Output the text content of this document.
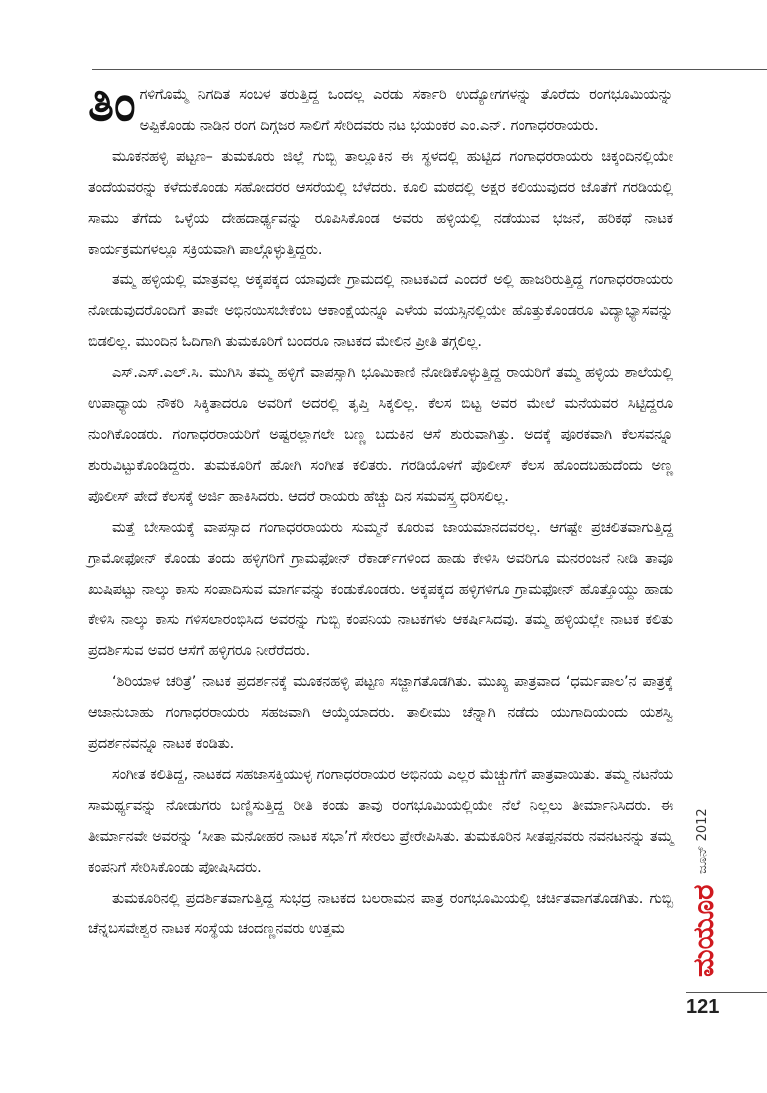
ತಿಂಗಳಿಗೊಮ್ಮೆ ನಿಗದಿತ ಸಂಬಳ ತರುತ್ತಿದ್ದ ಒಂದಲ್ಲ ಎರಡು ಸರ್ಕಾರಿ ಉದ್ಯೋಗಗಳನ್ನು ತೊರೆದು ರಂಗಭೂಮಿಯನ್ನು ಅಪ್ಪಿಕೊಂಡು ನಾಡಿನ ರಂಗ ದಿಗ್ಗಜರ ಸಾಲಿಗೆ ಸೇರಿದವರು ನಟ ಭಯಂಕರ ಎಂ.ಎನ್. ಗಂಗಾಧರರಾಯರು.

ಮೂಕನಹಳ್ಳಿ ಪಟ್ಟಣ– ತುಮಕೂರು ಜಿಲ್ಲೆ ಗುಬ್ಬಿ ತಾಲ್ಲೂಕಿನ ಈ ಸ್ಥಳದಲ್ಲಿ ಹುಟ್ಟಿದ ಗಂಗಾಧರರಾಯರು ಚಿಕ್ಕಂದಿನಲ್ಲಿಯೇ ತಂದೆಯವರನ್ನು ಕಳೆದುಕೊಂಡು ಸಹೋದರರ ಆಸರೆಯಲ್ಲಿ ಬೆಳೆದರು. ಕೂಲಿ ಮಠದಲ್ಲಿ ಅಕ್ಷರ ಕಲಿಯುವುದರ ಜೊತೆಗೆ ಗರಡಿಯಲ್ಲಿ ಸಾಮು ತೆಗೆದು ಒಳ್ಳೆಯ ದೇಹದಾರ್ಢ್ಯವನ್ನು ರೂಪಿಸಿಕೊಂಡ ಅವರು ಹಳ್ಳಿಯಲ್ಲಿ ನಡೆಯುವ ಭಜನೆ, ಹರಿಕಥೆ ನಾಟಕ ಕಾರ್ಯಕ್ರಮಗಳಲ್ಲೂ ಸಕ್ರಿಯವಾಗಿ ಪಾಲ್ಗೊಳ್ಳುತ್ತಿದ್ದರು.

ತಮ್ಮ ಹಳ್ಳಿಯಲ್ಲಿ ಮಾತ್ರವಲ್ಲ ಅಕ್ಕಪಕ್ಕದ ಯಾವುದೇ ಗ್ರಾಮದಲ್ಲಿ ನಾಟಕವಿದೆ ಎಂದರೆ ಅಲ್ಲಿ ಹಾಜರಿರುತ್ತಿದ್ದ ಗಂಗಾಧರರಾಯರು ನೋಡುವುದರೊಂದಿಗೆ ತಾವೇ ಅಭಿನಯಿಸಬೇಕೆಂಬ ಆಕಾಂಕ್ಷೆಯನ್ನೂ ಎಳೆಯ ವಯಸ್ಸಿನಲ್ಲಿಯೇ ಹೊತ್ತುಕೊಂಡರೂ ವಿದ್ಯಾಭ್ಯಾಸವನ್ನು ಬಿಡಲಿಲ್ಲ. ಮುಂದಿನ ಓದಿಗಾಗಿ ತುಮಕೂರಿಗೆ ಬಂದರೂ ನಾಟಕದ ಮೇಲಿನ ಪ್ರೀತಿ ತಗ್ಗಲಿಲ್ಲ.

ಎಸ್.ಎಸ್.ಎಲ್.ಸಿ. ಮುಗಿಸಿ ತಮ್ಮ ಹಳ್ಳಿಗೆ ವಾಪಸ್ಸಾಗಿ ಭೂಮಿಕಾಣಿ ನೋಡಿಕೊಳ್ಳುತ್ತಿದ್ದ ರಾಯರಿಗೆ ತಮ್ಮ ಹಳ್ಳಿಯ ಶಾಲೆಯಲ್ಲಿ ಉಪಾಧ್ಯಾಯ ನೌಕರಿ ಸಿಕ್ಕಿತಾದರೂ ಅವರಿಗೆ ಅದರಲ್ಲಿ ತೃಪ್ತಿ ಸಿಕ್ಕಲಿಲ್ಲ. ಕೆಲಸ ಬಿಟ್ಟ ಅವರ ಮೇಲೆ ಮನೆಯವರ ಸಿಟ್ಟಿದ್ದರೂ ನುಂಗಿಕೊಂಡರು. ಗಂಗಾಧರರಾಯರಿಗೆ ಅಷ್ಟರಲ್ಲಾಗಲೇ ಬಣ್ಣ ಬದುಕಿನ ಆಸೆ ಶುರುವಾಗಿತ್ತು. ಅದಕ್ಕೆ ಪೂರಕವಾಗಿ ಕೆಲಸವನ್ನೂ ಶುರುವಿಟ್ಟುಕೊಂಡಿದ್ದರು. ತುಮಕೂರಿಗೆ ಹೋಗಿ ಸಂಗೀತ ಕಲಿತರು. ಗರಡಿಯೊಳಗೆ ಪೊಲೀಸ್ ಕೆಲಸ ಹೊಂದಬಹುದೆಂದು ಅಣ್ಣ ಪೊಲೀಸ್ ಪೇದೆ ಕೆಲಸಕ್ಕೆ ಅರ್ಜಿ ಹಾಕಿಸಿದರು. ಆದರೆ ರಾಯರು ಹೆಚ್ಚು ದಿನ ಸಮವಸ್ತ್ರ ಧರಿಸಲಿಲ್ಲ.

ಮತ್ತೆ ಬೇಸಾಯಕ್ಕೆ ವಾಪಸ್ಸಾದ ಗಂಗಾಧರರಾಯರು ಸುಮ್ಮನೆ ಕೂರುವ ಜಾಯಮಾನದವರಲ್ಲ. ಆಗಷ್ಟೇ ಪ್ರಚಲಿತವಾಗುತ್ತಿದ್ದ ಗ್ರಾಮೋಫೋನ್ ಕೊಂಡು ತಂದು ಹಳ್ಳಿಗರಿಗೆ ಗ್ರಾಮಫೋನ್ ರೆಕಾರ್ಡ್‌ಗಳಿಂದ ಹಾಡು ಕೇಳಿಸಿ ಅವರಿಗೂ ಮನರಂಜನೆ ನೀಡಿ ತಾವೂ ಖುಷಿಪಟ್ಟು ನಾಲ್ಕು ಕಾಸು ಸಂಪಾದಿಸುವ ಮಾರ್ಗವನ್ನು ಕಂಡುಕೊಂಡರು. ಅಕ್ಕಪಕ್ಕದ ಹಳ್ಳಿಗಳಿಗೂ ಗ್ರಾಮಫೋನ್ ಹೊತ್ತೊಯ್ದು ಹಾಡು ಕೇಳಿಸಿ ನಾಲ್ಕು ಕಾಸು ಗಳಿಸಲಾರಂಭಿಸಿದ ಅವರನ್ನು ಗುಬ್ಬಿ ಕಂಪನಿಯ ನಾಟಕಗಳು ಆಕರ್ಷಿಸಿದವು. ತಮ್ಮ ಹಳ್ಳಿಯಲ್ಲೇ ನಾಟಕ ಕಲಿತು ಪ್ರದರ್ಶಿಸುವ ಅವರ ಆಸೆಗೆ ಹಳ್ಳಿಗರೂ ನೀರೆರೆದರು.

‘ಶಿರಿಯಾಳ ಚರಿತ್ರೆ’ ನಾಟಕ ಪ್ರದರ್ಶನಕ್ಕೆ ಮೂಕನಹಳ್ಳಿ ಪಟ್ಟಣ ಸಜ್ಜಾಗತೊಡಗಿತು. ಮುಖ್ಯ ಪಾತ್ರವಾದ ‘ಧರ್ಮಪಾಲ’ನ ಪಾತ್ರಕ್ಕೆ ಆಜಾನುಬಾಹು ಗಂಗಾಧರರಾಯರು ಸಹಜವಾಗಿ ಆಯ್ಕೆಯಾದರು. ತಾಲೀಮು ಚೆನ್ನಾಗಿ ನಡೆದು ಯುಗಾದಿಯಂದು ಯಶಸ್ವಿ ಪ್ರದರ್ಶನವನ್ನೂ ನಾಟಕ ಕಂಡಿತು.

ಸಂಗೀತ ಕಲಿತಿದ್ದ, ನಾಟಕದ ಸಹಜಾಸಕ್ತಿಯುಳ್ಳ ಗಂಗಾಧರರಾಯರ ಅಭಿನಯ ಎಲ್ಲರ ಮೆಚ್ಚುಗೆಗೆ ಪಾತ್ರವಾಯಿತು. ತಮ್ಮ ನಟನೆಯ ಸಾಮರ್ಥ್ಯವನ್ನು ನೋಡುಗರು ಬಣ್ಣಿಸುತ್ತಿದ್ದ ರೀತಿ ಕಂಡು ತಾವು ರಂಗಭೂಮಿಯಲ್ಲಿಯೇ ನೆಲೆ ನಿಲ್ಲಲು ತೀರ್ಮಾನಿಸಿದರು. ಈ ತೀರ್ಮಾನವೇ ಅವರನ್ನು ‘ಸೀತಾ ಮನೋಹರ ನಾಟಕ ಸಭಾ’ಗೆ ಸೇರಲು ಪ್ರೇರೇಪಿಸಿತು. ತುಮಕೂರಿನ ಸೀತಪ್ಪನವರು ನವನಟನನ್ನು ತಮ್ಮ ಕಂಪನಿಗೆ ಸೇರಿಸಿಕೊಂಡು ಪೋಷಿಸಿದರು.

ತುಮಕೂರಿನಲ್ಲಿ ಪ್ರದರ್ಶಿತವಾಗುತ್ತಿದ್ದ ಸುಭದ್ರ ನಾಟಕದ ಬಲರಾಮನ ಪಾತ್ರ ರಂಗಭೂಮಿಯಲ್ಲಿ ಚರ್ಚಿತವಾಗತೊಡಗಿತು. ಗುಬ್ಬಿ ಚೆನ್ನಬಸವೇಶ್ವರ ನಾಟಕ ಸಂಸ್ಥೆಯ ಚಂದಣ್ಣನವರು ಉತ್ತಮ

ಜೂನ್ 2012
ಮಯೂರ
121
